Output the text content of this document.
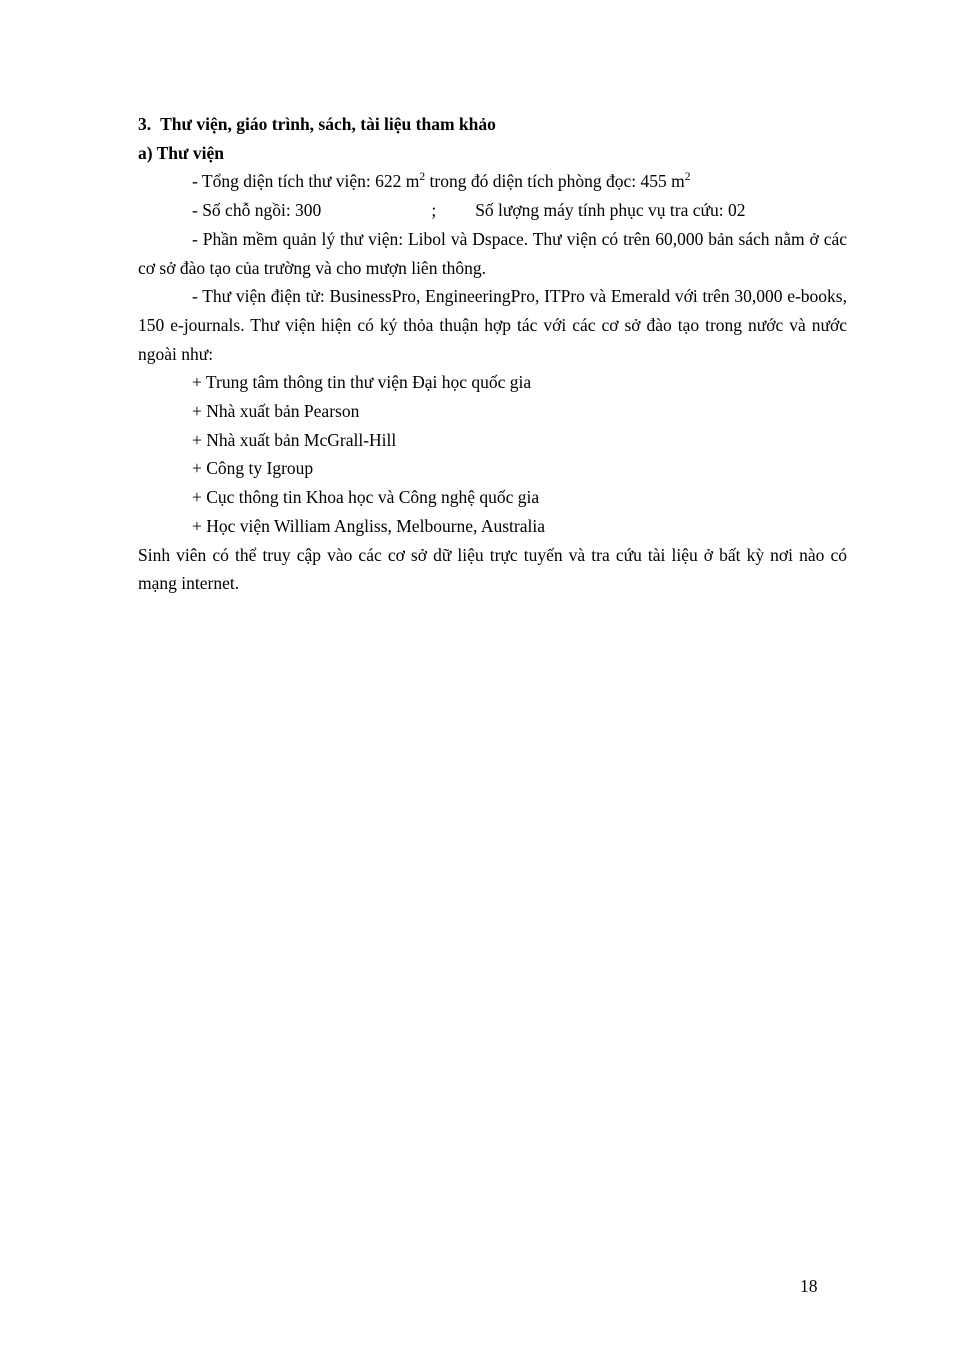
3. Thư viện, giáo trình, sách, tài liệu tham khảo
a) Thư viện
- Tổng diện tích thư viện: 622 $m^2$ trong đó diện tích phòng đọc: 455 $m^2$
- Số chỗ ngồi: 300	; Số lượng máy tính phục vụ tra cứu: 02
- Phần mềm quản lý thư viện: Libol và Dspace. Thư viện có trên 60,000 bản sách nằm ở các cơ sở đào tạo của trường và cho mượn liên thông.
- Thư viện điện tử: BusinessPro, EngineeringPro, ITPro và Emerald với trên 30,000 e-books, 150 e-journals. Thư viện hiện có ký thỏa thuận hợp tác với các cơ sở đào tạo trong nước và nước ngoài như:
+ Trung tâm thông tin thư viện Đại học quốc gia
+ Nhà xuất bản Pearson
+ Nhà xuất bản McGrall-Hill
+ Công ty Igroup
+ Cục thông tin Khoa học và Công nghệ quốc gia
+ Học viện William Angliss, Melbourne, Australia
Sinh viên có thể truy cập vào các cơ sở dữ liệu trực tuyến và tra cứu tài liệu ở bất kỳ nơi nào có mạng internet.
18
